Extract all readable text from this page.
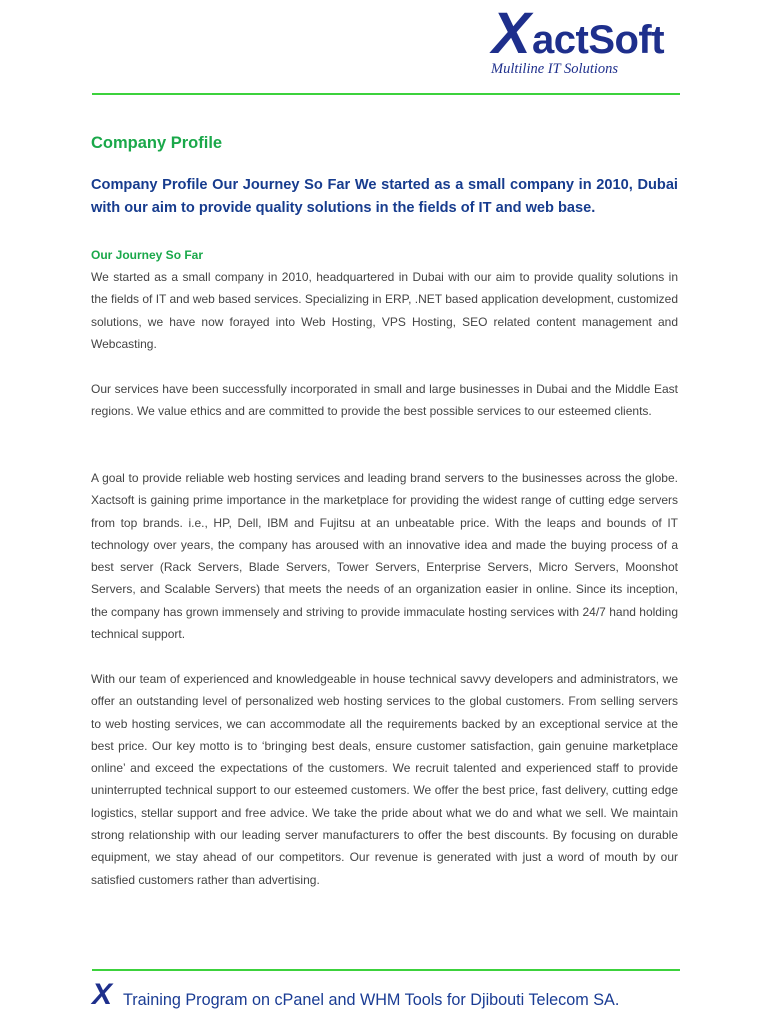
X actSoft
Multiline IT Solutions
Company Profile
Company Profile Our Journey So Far We started as a small company in 2010, Dubai with our aim to provide quality solutions in the fields of IT and web base.
Our Journey So Far

We started as a small company in 2010, headquartered in Dubai with our aim to provide quality solutions in the fields of IT and web based services. Specializing in ERP, .NET based application development, customized solutions, we have now forayed into Web Hosting, VPS Hosting, SEO related content management and Webcasting.

Our services have been successfully incorporated in small and large businesses in Dubai and the Middle East regions. We value ethics and are committed to provide the best possible services to our esteemed clients.

A goal to provide reliable web hosting services and leading brand servers to the businesses across the globe. Xactsoft is gaining prime importance in the marketplace for providing the widest range of cutting edge servers from top brands. i.e., HP, Dell, IBM and Fujitsu at an unbeatable price. With the leaps and bounds of IT technology over years, the company has aroused with an innovative idea and made the buying process of a best server (Rack Servers, Blade Servers, Tower Servers, Enterprise Servers, Micro Servers, Moonshot Servers, and Scalable Servers) that meets the needs of an organization easier in online. Since its inception, the company has grown immensely and striving to provide immaculate hosting services with 24/7 hand holding technical support.

With our team of experienced and knowledgeable in house technical savvy developers and administrators, we offer an outstanding level of personalized web hosting services to the global customers. From selling servers to web hosting services, we can accommodate all the requirements backed by an exceptional service at the best price. Our key motto is to ‘bringing best deals, ensure customer satisfaction, gain genuine marketplace online’ and exceed the expectations of the customers. We recruit talented and experienced staff to provide uninterrupted technical support to our esteemed customers. We offer the best price, fast delivery, cutting edge logistics, stellar support and free advice. We take the pride about what we do and what we sell. We maintain strong relationship with our leading server manufacturers to offer the best discounts. By focusing on durable equipment, we stay ahead of our competitors. Our revenue is generated with just a word of mouth by our satisfied customers rather than advertising.

X Training Program on cPanel and WHM Tools for Djibouti Telecom SA.
